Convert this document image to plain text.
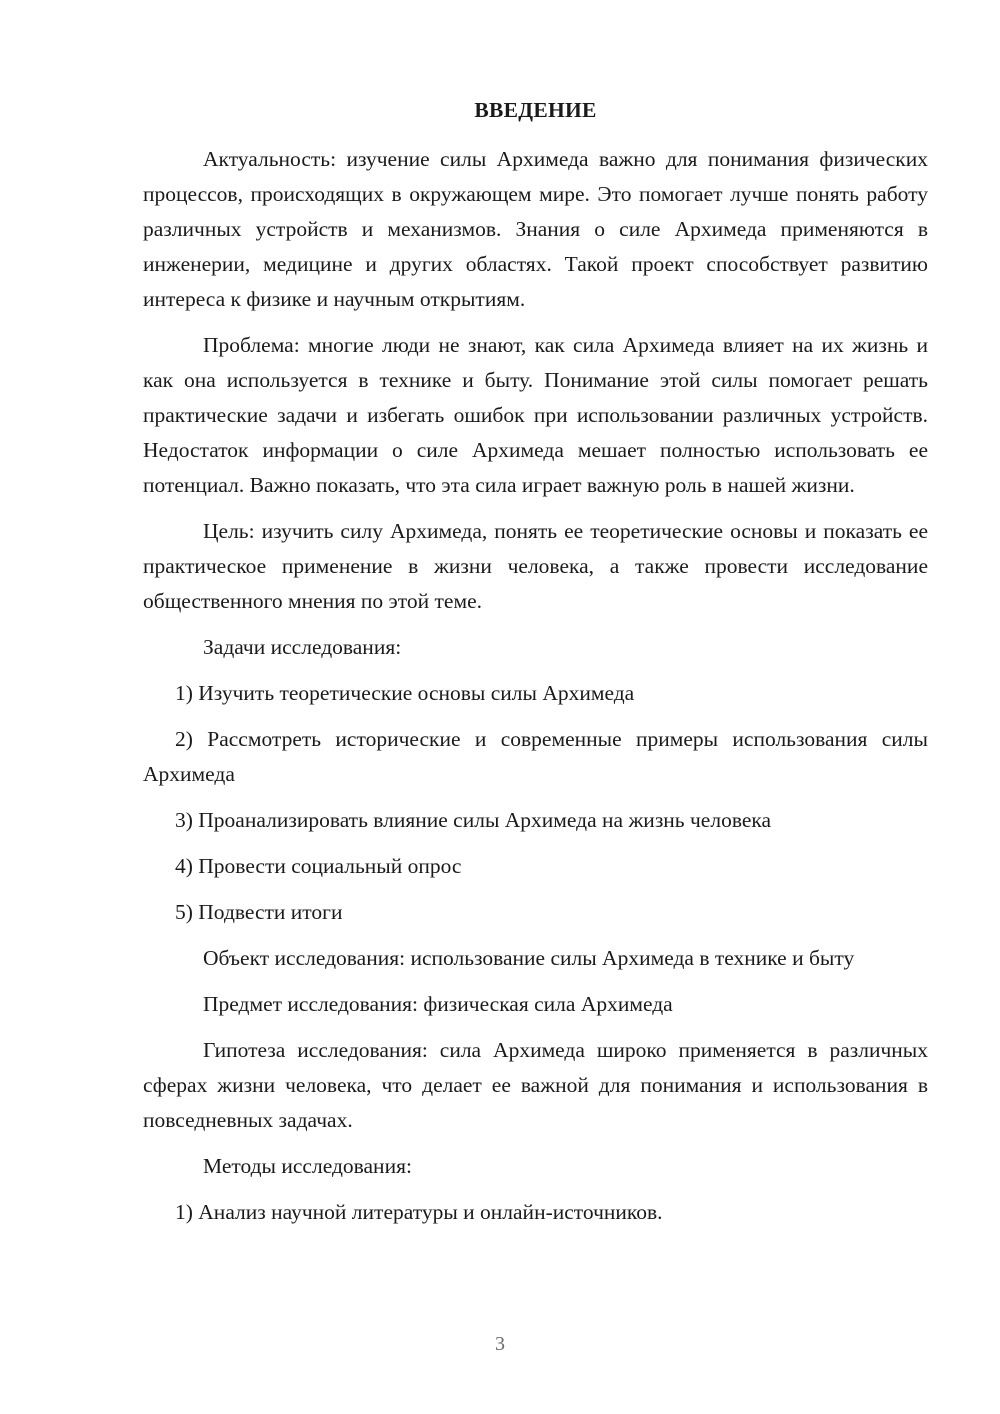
ВВЕДЕНИЕ

Актуальность: изучение силы Архимеда важно для понимания физических процессов, происходящих в окружающем мире. Это помогает лучше понять работу различных устройств и механизмов. Знания о силе Архимеда применяются в инженерии, медицине и других областях. Такой проект способствует развитию интереса к физике и научным открытиям.

Проблема: многие люди не знают, как сила Архимеда влияет на их жизнь и как она используется в технике и быту. Понимание этой силы помогает решать практические задачи и избегать ошибок при использовании различных устройств. Недостаток информации о силе Архимеда мешает полностью использовать ее потенциал. Важно показать, что эта сила играет важную роль в нашей жизни.

Цель: изучить силу Архимеда, понять ее теоретические основы и показать ее практическое применение в жизни человека, а также провести исследование общественного мнения по этой теме.

Задачи исследования:

1) Изучить теоретические основы силы Архимеда

2) Рассмотреть исторические и современные примеры использования силы Архимеда

3) Проанализировать влияние силы Архимеда на жизнь человека

4) Провести социальный опрос

5) Подвести итоги

Объект исследования: использование силы Архимеда в технике и быту

Предмет исследования: физическая сила Архимеда

Гипотеза исследования: сила Архимеда широко применяется в различных сферах жизни человека, что делает ее важной для понимания и использования в повседневных задачах.

Методы исследования:

1) Анализ научной литературы и онлайн-источников.

3
